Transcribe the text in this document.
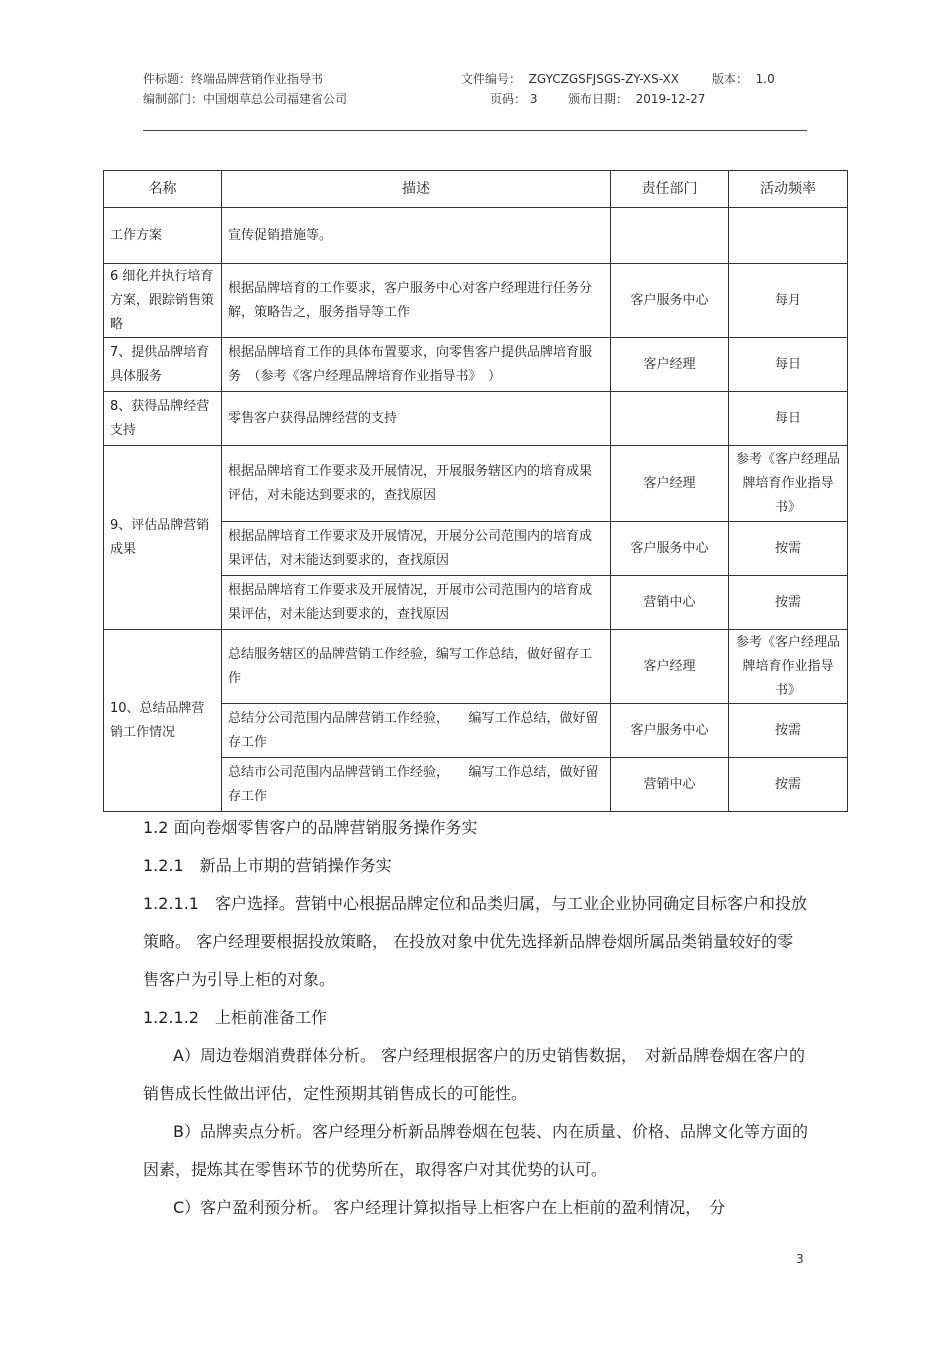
件标题：终端品牌营销作业指导书	文件编号： ZGYCZGSFJSGS-ZY-XS-XX	版本： 1.0
编制部门：中国烟草总公司福建省公司	页码： 3	颁布日期： 2019-12-27
名称	描述	责任部门	活动频率
工作方案	宣传促销措施等。		
6 细化并执行培育方案，跟踪销售策略	根据品牌培育的工作要求，客户服务中心对客户经理进行任务分解，策略告之，服务指导等工作	客户服务中心	每月
7、提供品牌培育具体服务	根据品牌培育工作的具体布置要求，向零售客户提供品牌培育服务　（参考《客户经理品牌培育作业指导书》　）	客户经理	每日
8、获得品牌经营支持	零售客户获得品牌经营的支持		每日
9、评估品牌营销成果	根据品牌培育工作要求及开展情况，开展服务辖区内的培育成果评估，对未能达到要求的，查找原因	客户经理	参考《客户经理品牌培育作业指导书》
	根据品牌培育工作要求及开展情况，开展分公司范围内的培育成果评估，对未能达到要求的，查找原因	客户服务中心	按需
	根据品牌培育工作要求及开展情况，开展市公司范围内的培育成果评估，对未能达到要求的，查找原因	营销中心	按需
10、总结品牌营销工作情况	总结服务辖区的品牌营销工作经验，编写工作总结，做好留存工作	客户经理	参考《客户经理品牌培育作业指导书》
	总结分公司范围内品牌营销工作经验，　　编写工作总结，做好留存工作	客户服务中心	按需
	总结市公司范围内品牌营销工作经验，　　编写工作总结，做好留存工作	营销中心	按需

1.2 面向卷烟零售客户的品牌营销服务操作务实

1.2.1　新品上市期的营销操作务实

1.2.1.1　客户选择。营销中心根据品牌定位和品类归属，与工业企业协同确定目标客户和投放策略。 客户经理要根据投放策略， 在投放对象中优先选择新品牌卷烟所属品类销量较好的零售客户为引导上柜的对象。

1.2.1.2　上柜前准备工作

A）周边卷烟消费群体分析。 客户经理根据客户的历史销售数据，　对新品牌卷烟在客户的销售成长性做出评估，定性预期其销售成长的可能性。

B）品牌卖点分析。客户经理分析新品牌卷烟在包装、内在质量、价格、品牌文化等方面的因素，提炼其在零售环节的优势所在，取得客户对其优势的认可。

C）客户盈利预分析。 客户经理计算拟指导上柜客户在上柜前的盈利情况，　分

3
